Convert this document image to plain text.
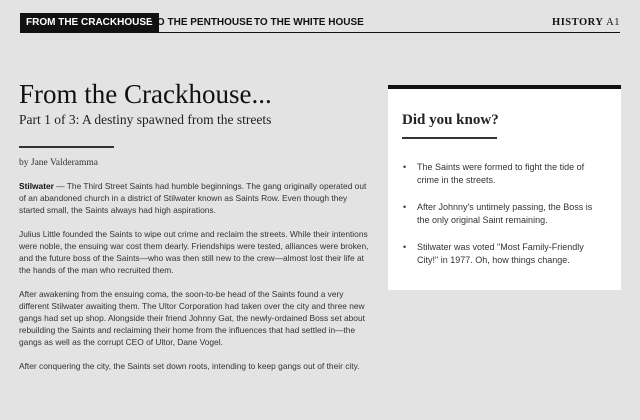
FROM THE CRACKHOUSE
TO THE PENTHOUSE TO THE WHITE HOUSE	HISTORY A1
From the Crackhouse...
Part 1 of 3: A destiny spawned from the streets
by Jane Valderamma

Stilwater — The Third Street Saints had humble beginnings. The gang originally operated out of an abandoned church in a district of Stilwater known as Saints Row. Even though they started small, the Saints always had high aspirations.

Julius Little founded the Saints to wipe out crime and reclaim the streets. While their intentions were noble, the ensuing war cost them dearly. Friendships were tested, alliances were broken, and the future boss of the Saints—who was then still new to the crew—almost lost their life at the hands of the man who recruited them.

After awakening from the ensuing coma, the soon-to-be head of the Saints found a very different Stilwater awaiting them. The Ultor Corporation had taken over the city and three new gangs had set up shop. Alongside their friend Johnny Gat, the newly-ordained Boss set about rebuilding the Saints and reclaiming their home from the influences that had settled in—the gangs as well as the corrupt CEO of Ultor, Dane Vogel.

After conquering the city, the Saints set down roots, intending to keep gangs out of their city.

Did you know?
• The Saints were formed to fight the tide of crime in the streets.
• After Johnny's untimely passing, the Boss is the only original Saint remaining.
• Stilwater was voted "Most Family-Friendly City!" in 1977. Oh, how things change.
